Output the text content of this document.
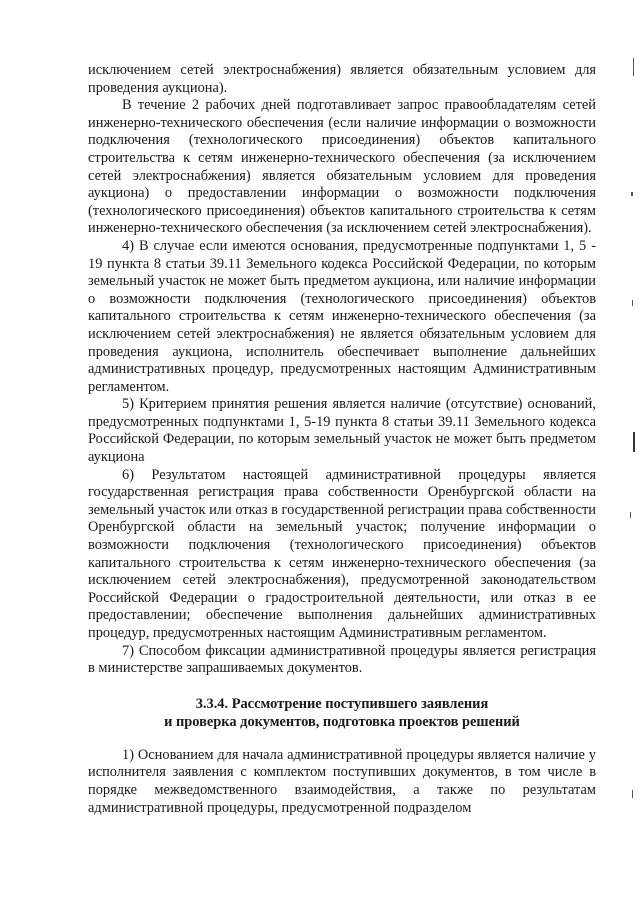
исключением сетей электроснабжения) является обязательным условием для проведения аукциона).

В течение 2 рабочих дней подготавливает запрос правообладателям сетей инженерно-технического обеспечения (если наличие информации о возможности подключения (технологического присоединения) объектов капитального строительства к сетям инженерно-технического обеспечения (за исключением сетей электроснабжения) является обязательным условием для проведения аукциона) о предоставлении информации о возможности подключения (технологического присоединения) объектов капитального строительства к сетям инженерно-технического обеспечения (за исключением сетей электроснабжения).

4) В случае если имеются основания, предусмотренные подпунктами 1, 5 - 19 пункта 8 статьи 39.11 Земельного кодекса Российской Федерации, по которым земельный участок не может быть предметом аукциона, или наличие информации о возможности подключения (технологического присоединения) объектов капитального строительства к сетям инженерно-технического обеспечения (за исключением сетей электроснабжения) не является обязательным условием для проведения аукциона, исполнитель обеспечивает выполнение дальнейших административных процедур, предусмотренных настоящим Административным регламентом.

5) Критерием принятия решения является наличие (отсутствие) оснований, предусмотренных подпунктами 1, 5-19 пункта 8 статьи 39.11 Земельного кодекса Российской Федерации, по которым земельный участок не может быть предметом аукциона

6) Результатом настоящей административной процедуры является государственная регистрация права собственности Оренбургской области на земельный участок или отказ в государственной регистрации права собственности Оренбургской области на земельный участок; получение информации о возможности подключения (технологического присоединения) объектов капитального строительства к сетям инженерно-технического обеспечения (за исключением сетей электроснабжения), предусмотренной законодательством Российской Федерации о градостроительной деятельности, или отказ в ее предоставлении; обеспечение выполнения дальнейших административных процедур, предусмотренных настоящим Административным регламентом.

7) Способом фиксации административной процедуры является регистрация в министерстве запрашиваемых документов.

3.3.4. Рассмотрение поступившего заявления
и проверка документов, подготовка проектов решений

1) Основанием для начала административной процедуры является наличие у исполнителя заявления с комплектом поступивших документов, в том числе в порядке межведомственного взаимодействия, а также по результатам административной процедуры, предусмотренной подразделом
